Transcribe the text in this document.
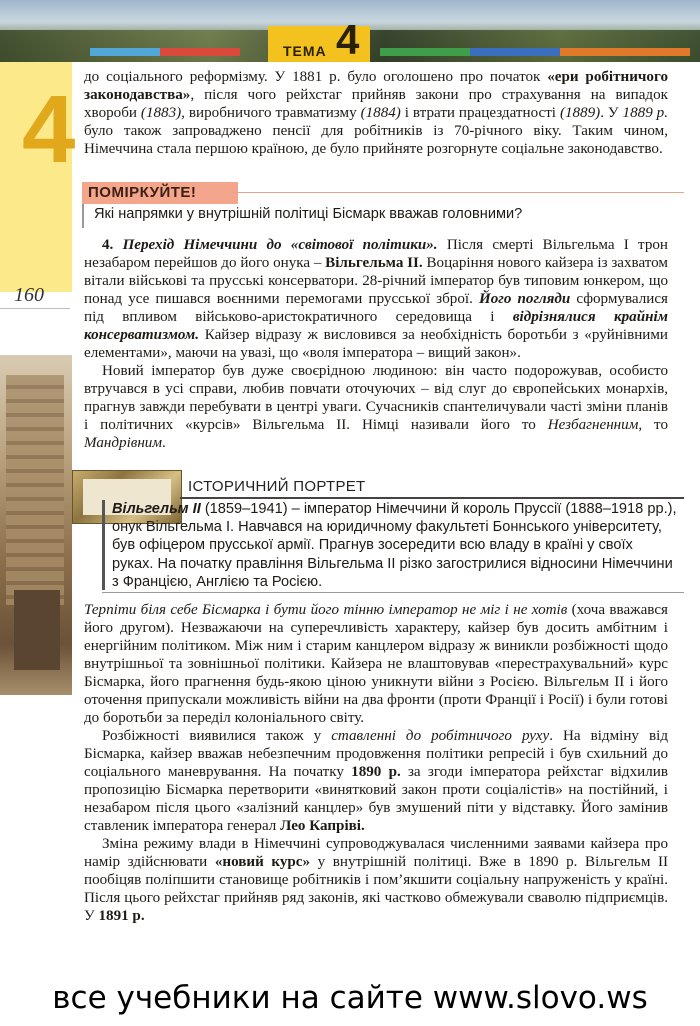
ТЕМА 4
4
160

до соціального реформізму. У 1881 р. було оголошено про початок «ери робітничого законодавства», після чого рейхстаг прийняв закони про страхування на випадок хвороби (1883), виробничого травматизму (1884) і втрати працездатності (1889). У 1889 р. було також запроваджено пенсії для робітників із 70-річного віку. Таким чином, Німеччина стала першою країною, де було прийняте розгорнуте соціальне законодавство.

ПОМІРКУЙТЕ!
Які напрямки у внутрішній політиці Бісмарк вважав головними?

4. Перехід Німеччини до «світової політики». Після смерті Вільгельма I трон незабаром перейшов до його онука – Вільгельма II. Воцаріння нового кайзера із захватом вітали військові та прусські консерватори. 28-річний імператор був типовим юнкером, що понад усе пишався воєнними перемогами прусської зброї. Його погляди сформувалися під впливом військово-аристократичного середовища і відрізнялися крайнім консерватизмом. Кайзер відразу ж висловився за необхідність боротьби з «руйнівними елементами», маючи на увазі, що «воля імператора – вищий закон».

Новий імператор був дуже своєрідною людиною: він часто подорожував, особисто втручався в усі справи, любив повчати оточуючих – від слуг до європейських монархів, прагнув завжди перебувати в центрі уваги. Сучасників спантеличували часті зміни планів і політичних «курсів» Вільгельма II. Німці називали його то Незбагненним, то Мандрівним.

ІСТОРИЧНИЙ ПОРТРЕТ
Вільгельм II (1859–1941) – імператор Німеччини й король Пруссії (1888–1918 рр.), онук Вільгельма І. Навчався на юридичному факультеті Боннського університету, був офіцером прусської армії. Прагнув зосередити всю владу в країні у своїх руках. На початку правління Вільгельма ІІ різко загострилися відносини Німеччини з Францією, Англією та Росією.

Терпіти біля себе Бісмарка і бути його тінню імператор не міг і не хотів (хоча вважався його другом). Незважаючи на суперечливість характеру, кайзер був досить амбітним і енергійним політиком. Між ним і старим канцлером відразу ж виникли розбіжності щодо внутрішньої та зовнішньої політики. Кайзера не влаштовував «перестрахувальний» курс Бісмарка, його прагнення будь-якою ціною уникнути війни з Росією. Вільгельм II і його оточення припускали можливість війни на два фронти (проти Франції і Росії) і були готові до боротьби за переділ колоніального світу.

Розбіжності виявилися також у ставленні до робітничого руху. На відміну від Бісмарка, кайзер вважав небезпечним продовження політики репресій і був схильний до соціального маневрування. На початку 1890 р. за згоди імператора рейхстаг відхилив пропозицію Бісмарка перетворити «винятковий закон проти соціалістів» на постійний, і незабаром після цього «залізний канцлер» був змушений піти у відставку. Його замінив ставленик імператора генерал Лео Капріві.

Зміна режиму влади в Німеччині супроводжувалася численними заявами кайзера про намір здійснювати «новий курс» у внутрішній політиці. Вже в 1890 р. Вільгельм II пообіцяв поліпшити становище робітників і пом’якшити соціальну напруженість у країні. Після цього рейхстаг прийняв ряд законів, які частково обмежували сваволю підприємців. У 1891 р.

все учебники на сайте www.slovo.ws
